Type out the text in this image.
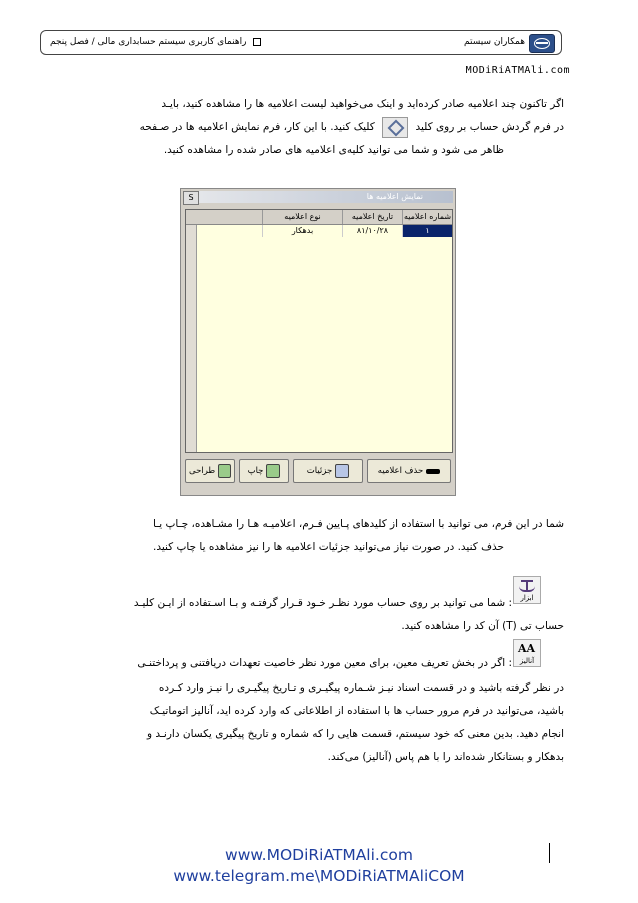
راهنمای کاربری سیستم حسابداری مالی / فصل پنجم	همکاران سیستم
MODiRiATMAli.com
اگر تاکنون چند اعلامیه صادر کرده‌اید و اینک می‌خواهید لیست اعلامیه ها را مشاهده کنید، بایـد
در فرم گردش حساب بر روی کلید  کلیک کنید. با این کار، فرم نمایش اعلامیه ها در صـفحه
ظاهر می شود و شما می توانید کلیه‌ی اعلامیه های صادر شده را مشاهده کنید.
S	نمایش اعلامیه ها
شماره اعلامیه
تاریخ اعلامیه
نوع اعلامیه
۱
۸۱/۱۰/۲۸
بدهکار
حذف اعلامیه
جزئیات
چاپ
طراحی
شما در این فرم، می توانید با استفاده از کلیدهای پـایین فـرم، اعلامیـه هـا را مشـاهده، چـاپ یـا
حذف کنید. در صورت نیاز می‌توانید جزئیات اعلامیه ها را نیز مشاهده یا چاپ کنید.
ابزار
: شما می توانید بر روی حساب مورد نظـر خـود قـرار گرفتـه و بـا اسـتفاده از ایـن کلیـد
حساب تی (T) آن کد را مشاهده کنید.
AA
آنالیز
: اگر در بخش تعریف معین، برای معین مورد نظر خاصیت تعهدات دریافتنی و پرداختنـی
در نظر گرفته باشید و در قسمت اسناد نیـز شـماره پیگیـری و تـاریخ پیگیـری را نیـز وارد کـرده
باشید، می‌توانید در فرم مرور حساب ها با استفاده از اطلاعاتی که وارد کرده اید، آنالیز اتوماتیـک
انجام دهید. بدین معنی که خود سیستم، قسمت هایی را که شماره و تاریخ پیگیری یکسان دارنـد و
بدهکار و بستانکار شده‌اند را با هم پاس (آنالیز) می‌کند.
www.MODiRiATMAli.com
www.telegram.me\MODiRiATMAliCOM
